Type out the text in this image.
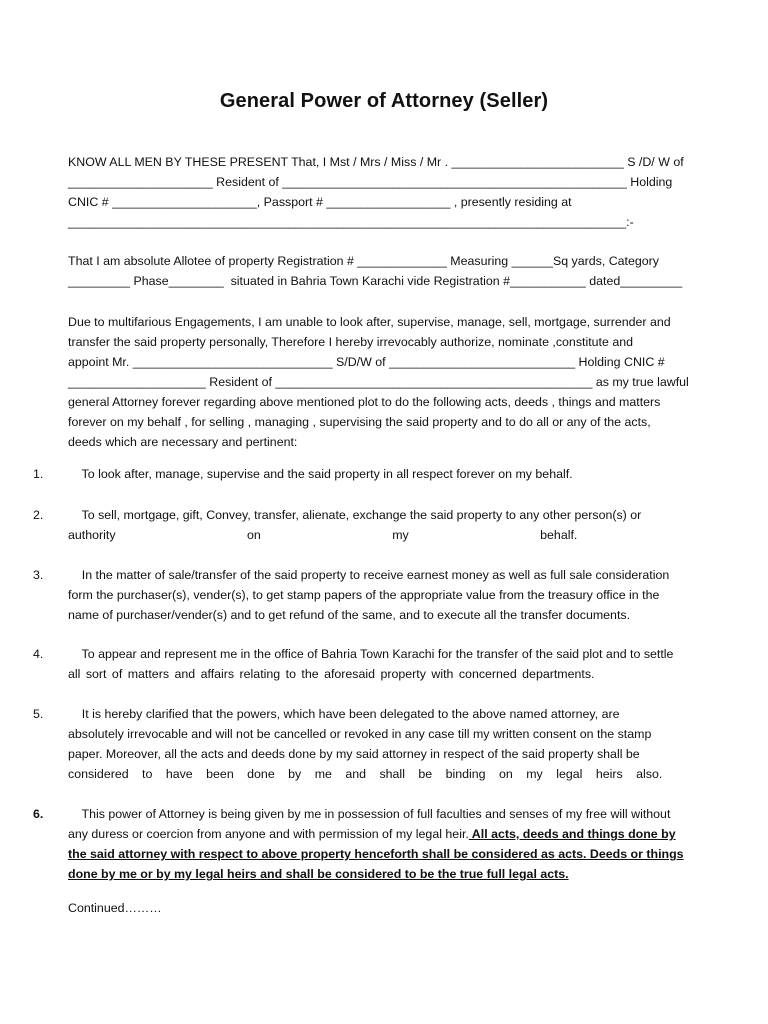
General Power of Attorney (Seller)
KNOW ALL MEN BY THESE PRESENT That, I Mst / Mrs / Miss / Mr . _________________________ S /D/ W of
_____________________ Resident of __________________________________________________ Holding
CNIC # _____________________, Passport # __________________ , presently residing at
_________________________________________________________________________________:-
That I am absolute Allotee of property Registration # _____________ Measuring ______Sq yards, Category
_________ Phase________  situated in Bahria Town Karachi vide Registration #___________ dated_________
Due to multifarious Engagements, I am unable to look after, supervise, manage, sell, mortgage, surrender and
transfer the said property personally, Therefore I hereby irrevocably authorize, nominate ,constitute and
appoint Mr. _____________________________ S/D/W of ___________________________ Holding CNIC #
____________________ Resident of ______________________________________________ as my true lawful
general Attorney forever regarding above mentioned plot to do the following acts, deeds , things and matters
forever on my behalf , for selling , managing , supervising the said property and to do all or any of the acts,
deeds which are necessary and pertinent:
1. To look after, manage, supervise and the said property in all respect forever on my behalf.
2. To sell, mortgage, gift, Convey, transfer, alienate, exchange the said property to any other person(s) or
authority on my behalf.
3. In the matter of sale/transfer of the said property to receive earnest money as well as full sale consideration
form the purchaser(s), vender(s), to get stamp papers of the appropriate value from the treasury office in the
name of purchaser/vender(s) and to get refund of the same, and to execute all the transfer documents.
4. To appear and represent me in the office of Bahria Town Karachi for the transfer of the said plot and to settle
all sort of matters and affairs relating to the aforesaid property with concerned departments.
5. It is hereby clarified that the powers, which have been delegated to the above named attorney, are
absolutely irrevocable and will not be cancelled or revoked in any case till my written consent on the stamp
paper. Moreover, all the acts and deeds done by my said attorney in respect of the said property shall be
considered to have been done by me and shall be binding on my legal heirs also.
6. This power of Attorney is being given by me in possession of full faculties and senses of my free will without
any duress or coercion from anyone and with permission of my legal heir. All acts, deeds and things done by
the said attorney with respect to above property henceforth shall be considered as acts. Deeds or things
done by me or by my legal heirs and shall be considered to be the true full legal acts.
Continued………
